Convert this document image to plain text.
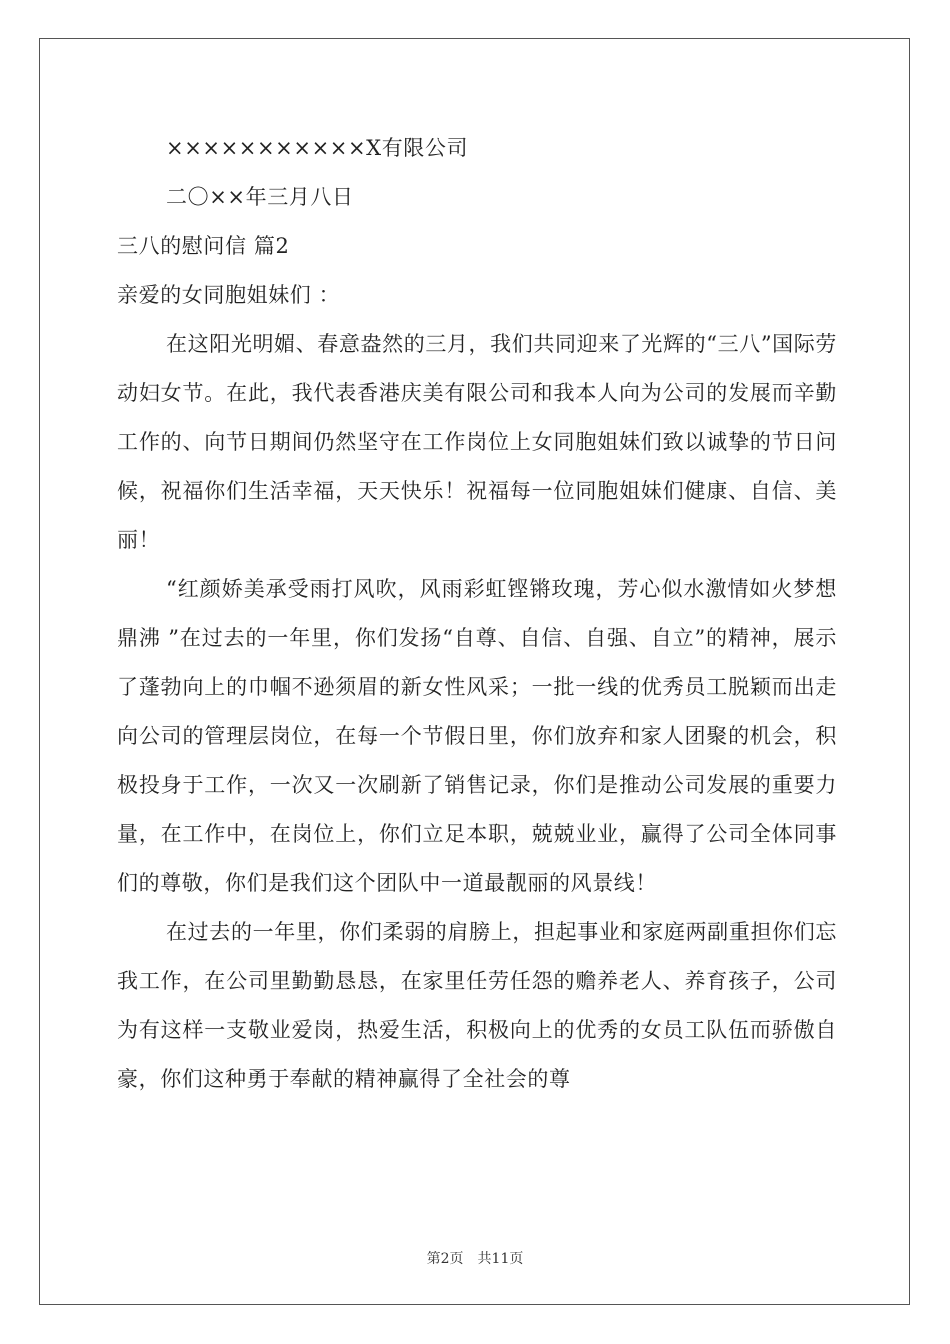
×××××××××××X有限公司
二〇××年三月八日
三八的慰问信 篇2
亲爱的女同胞姐妹们 ：

在这阳光明媚、春意盎然的三月，我们共同迎来了光辉的“三八”国际劳动妇女节。在此，我代表香港庆美有限公司和我本人向为公司的发展而辛勤工作的、向节日期间仍然坚守在工作岗位上女同胞姐妹们致以诚挚的节日问候，祝福你们生活幸福，天天快乐！祝福每一位同胞姐妹们健康、自信、美丽！

“红颜娇美承受雨打风吹，风雨彩虹铿锵玫瑰，芳心似水激情如火梦想鼎沸 ”在过去的一年里，你们发扬“自尊、自信、自强、自立”的精神，展示了蓬勃向上的巾帼不逊须眉的新女性风采；一批一线的优秀员工脱颖而出走向公司的管理层岗位，在每一个节假日里，你们放弃和家人团聚的机会，积极投身于工作，一次又一次刷新了销售记录，你们是推动公司发展的重要力量，在工作中，在岗位上，你们立足本职，兢兢业业，赢得了公司全体同事们的尊敬，你们是我们这个团队中一道最靓丽的风景线！

在过去的一年里，你们柔弱的肩膀上，担起事业和家庭两副重担你们忘我工作，在公司里勤勤恳恳，在家里任劳任怨的赡养老人、养育孩子，公司为有这样一支敬业爱岗，热爱生活，积极向上的优秀的女员工队伍而骄傲自豪，你们这种勇于奉献的精神赢得了全社会的尊

第2页　共11页
